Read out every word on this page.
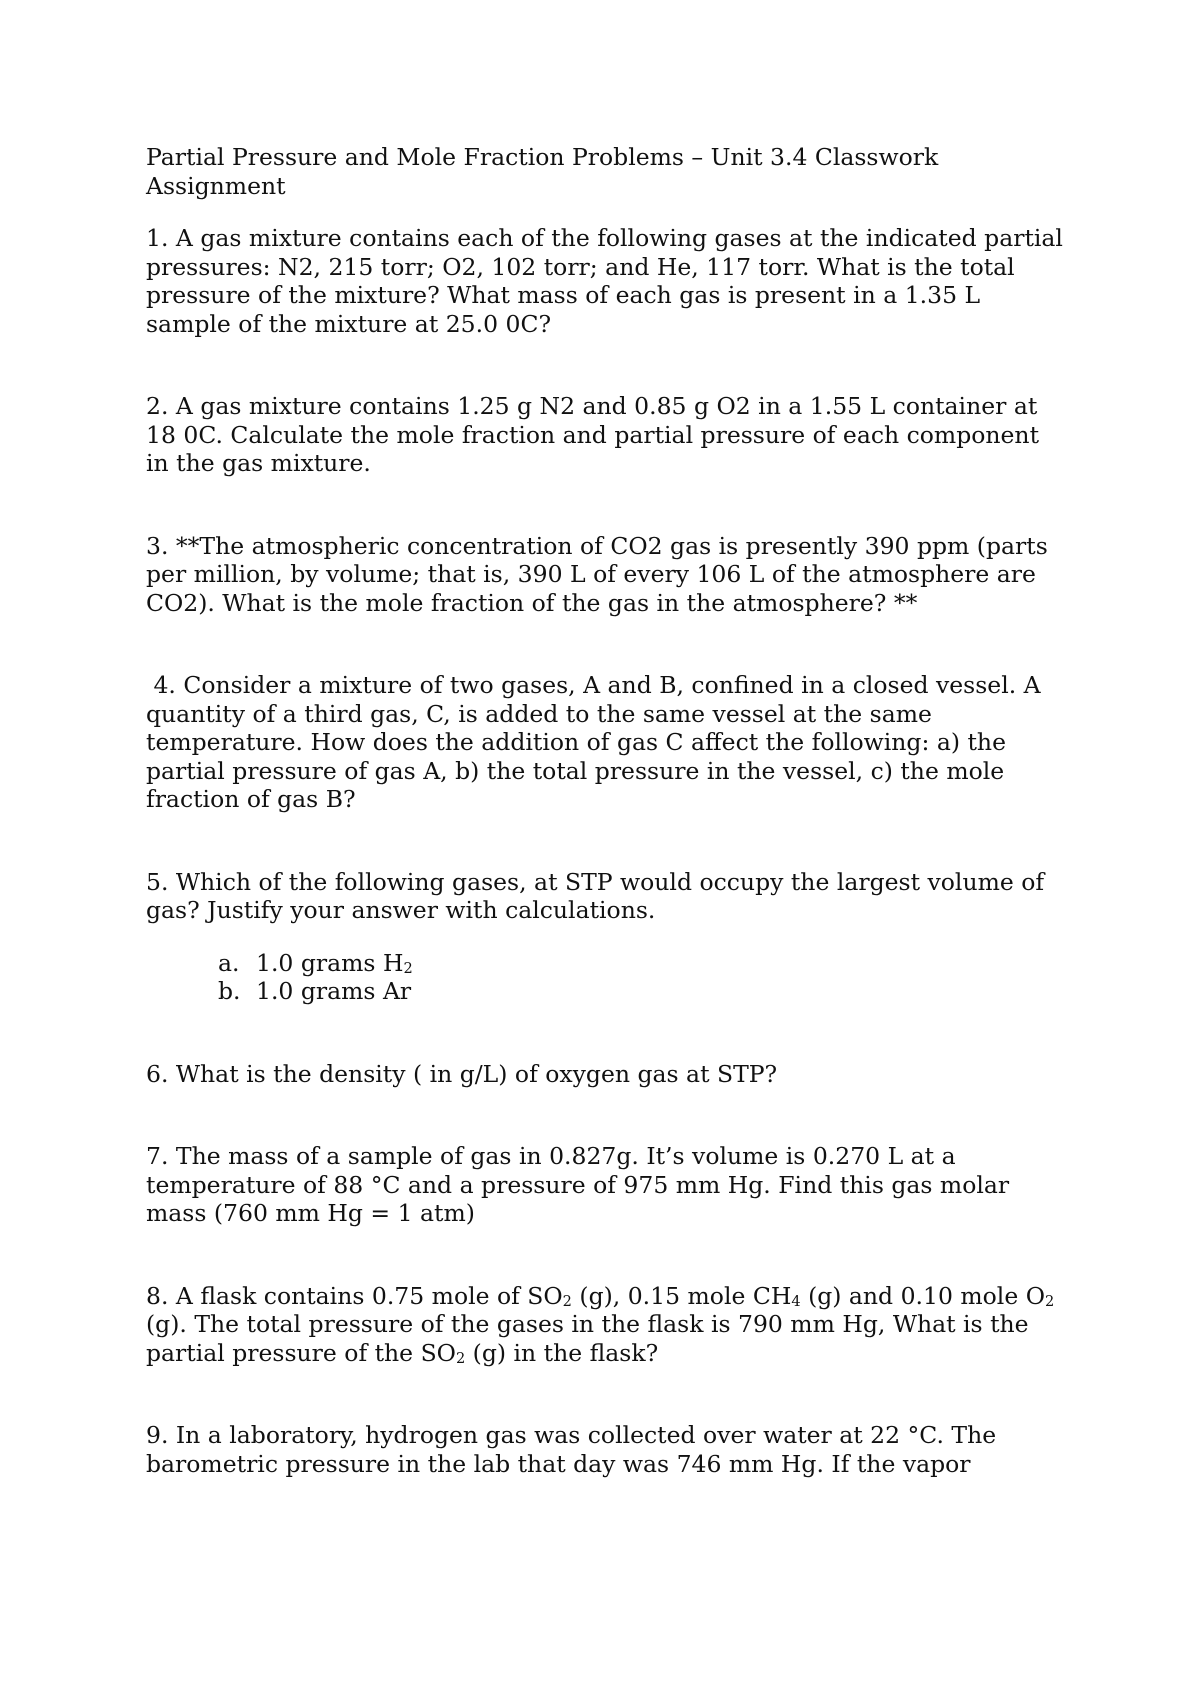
Partial Pressure and Mole Fraction Problems – Unit 3.4 Classwork Assignment

1. A gas mixture contains each of the following gases at the indicated partial pressures: N2, 215 torr; O2, 102 torr; and He, 117 torr. What is the total pressure of the mixture? What mass of each gas is present in a 1.35 L sample of the mixture at 25.0 0C?

2. A gas mixture contains 1.25 g N2 and 0.85 g O2 in a 1.55 L container at 18 0C. Calculate the mole fraction and partial pressure of each component in the gas mixture.

3. **The atmospheric concentration of CO2 gas is presently 390 ppm (parts per million, by volume; that is, 390 L of every 106 L of the atmosphere are CO2). What is the mole fraction of the gas in the atmosphere? **

4. Consider a mixture of two gases, A and B, confined in a closed vessel. A quantity of a third gas, C, is added to the same vessel at the same temperature. How does the addition of gas C affect the following: a) the partial pressure of gas A, b) the total pressure in the vessel, c) the mole fraction of gas B?

5. Which of the following gases, at STP would occupy the largest volume of gas? Justify your answer with calculations.

a. 1.0 grams $H_2$
b. 1.0 grams Ar

6. What is the density ( in g/L) of oxygen gas at STP?

7. The mass of a sample of gas in 0.827g. It’s volume is 0.270 L at a temperature of 88 °C and a pressure of 975 mm Hg. Find this gas molar mass (760 mm Hg = 1 atm)

8. A flask contains 0.75 mole of $SO_2$ (g), 0.15 mole $CH_4$ (g) and 0.10 mole $O_2$ (g). The total pressure of the gases in the flask is 790 mm Hg, What is the partial pressure of the $SO_2$ (g) in the flask?

9. In a laboratory, hydrogen gas was collected over water at 22 °C. The barometric pressure in the lab that day was 746 mm Hg. If the vapor
